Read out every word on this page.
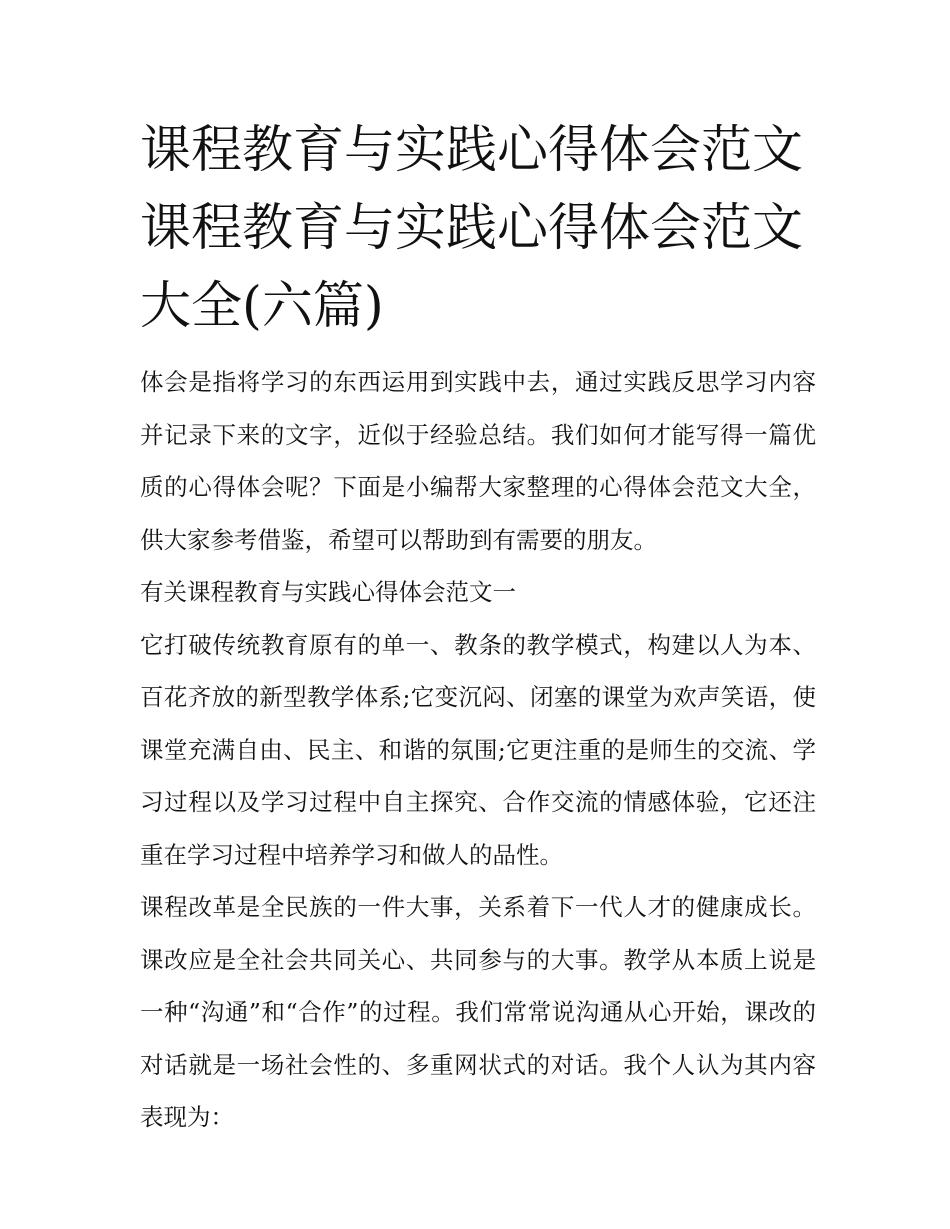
课程教育与实践心得体会范文课程教育与实践心得体会范文大全(六篇)

体会是指将学习的东西运用到实践中去，通过实践反思学习内容并记录下来的文字，近似于经验总结。我们如何才能写得一篇优质的心得体会呢？下面是小编帮大家整理的心得体会范文大全，供大家参考借鉴，希望可以帮助到有需要的朋友。

有关课程教育与实践心得体会范文一

它打破传统教育原有的单一、教条的教学模式，构建以人为本、百花齐放的新型教学体系;它变沉闷、闭塞的课堂为欢声笑语，使课堂充满自由、民主、和谐的氛围;它更注重的是师生的交流、学习过程以及学习过程中自主探究、合作交流的情感体验，它还注重在学习过程中培养学习和做人的品性。

课程改革是全民族的一件大事，关系着下一代人才的健康成长。课改应是全社会共同关心、共同参与的大事。教学从本质上说是一种“沟通”和“合作”的过程。我们常常说沟通从心开始，课改的对话就是一场社会性的、多重网状式的对话。我个人认为其内容表现为：
